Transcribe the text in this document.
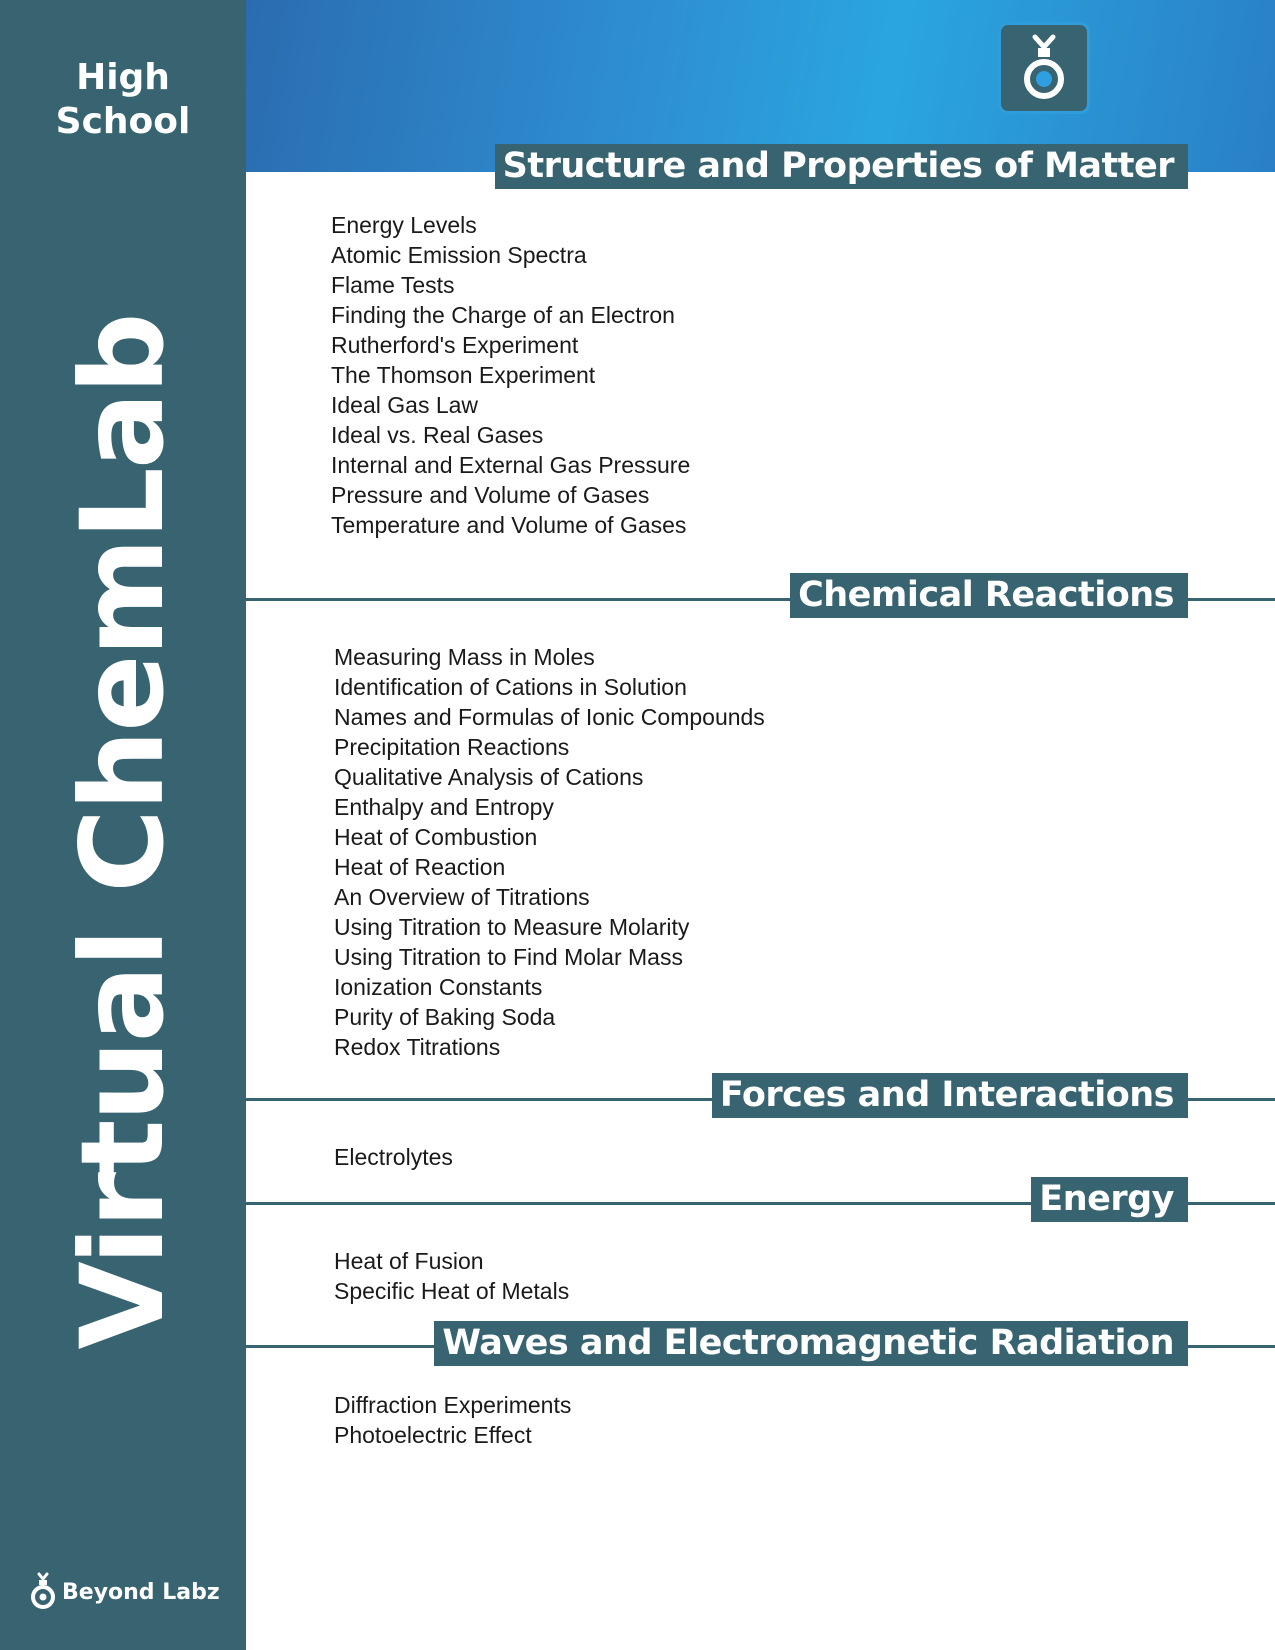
High
School
Virtual ChemLab
Beyond Labz
Structure and Properties of Matter
Energy Levels
Atomic Emission Spectra
Flame Tests
Finding the Charge of an Electron
Rutherford's Experiment
The Thomson Experiment
Ideal Gas Law
Ideal vs. Real Gases
Internal and External Gas Pressure
Pressure and Volume of Gases
Temperature and Volume of Gases
Chemical Reactions
Measuring Mass in Moles
Identification of Cations in Solution
Names and Formulas of Ionic Compounds
Precipitation Reactions
Qualitative Analysis of Cations
Enthalpy and Entropy
Heat of Combustion
Heat of Reaction
An Overview of Titrations
Using Titration to Measure Molarity
Using Titration to Find Molar Mass
Ionization Constants
Purity of Baking Soda
Redox Titrations
Forces and Interactions
Electrolytes
Energy
Heat of Fusion
Specific Heat of Metals
Waves and Electromagnetic Radiation
Diffraction Experiments
Photoelectric Effect
